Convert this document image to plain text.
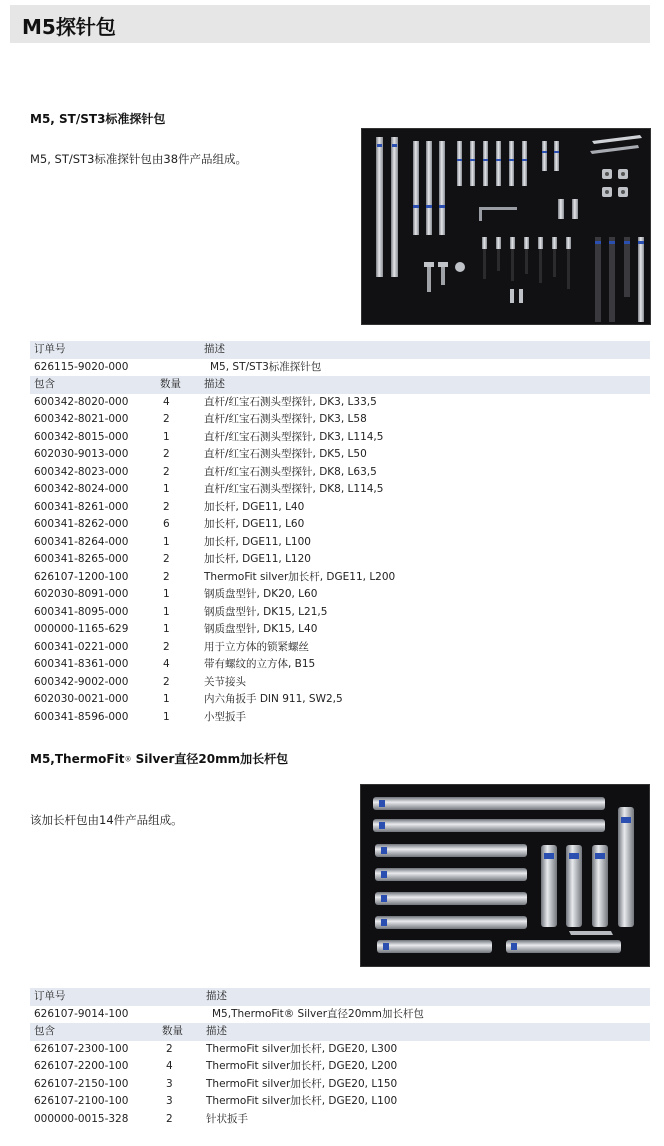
M5探针包
M5, ST/ST3标准探针包
M5, ST/ST3标准探针包由38件产品组成。
订单号	描述
626115-9020-000	M5, ST/ST3标准探针包
包含	数量 描述
600342-8020-000	4	直杆/红宝石测头型探针, DK3, L33,5
600342-8021-000	2	直杆/红宝石测头型探针, DK3, L58
600342-8015-000	1	直杆/红宝石测头型探针, DK3, L114,5
602030-9013-000	2	直杆/红宝石测头型探针, DK5, L50
600342-8023-000	2	直杆/红宝石测头型探针, DK8, L63,5
600342-8024-000	1	直杆/红宝石测头型探针, DK8, L114,5
600341-8261-000	2	加长杆, DGE11, L40
600341-8262-000	6	加长杆, DGE11, L60
600341-8264-000	1	加长杆, DGE11, L100
600341-8265-000	2	加长杆, DGE11, L120
626107-1200-100	2	ThermoFit silver加长杆, DGE11, L200
602030-8091-000	1	钢质盘型针, DK20, L60
600341-8095-000	1	钢质盘型针, DK15, L21,5
000000-1165-629	1	钢质盘型针, DK15, L40
600341-0221-000	2	用于立方体的锁紧螺丝
600341-8361-000	4	带有螺纹的立方体, B15
600342-9002-000	2	关节接头
602030-0021-000	1	内六角扳手 DIN 911, SW2,5
600341-8596-000	1	小型扳手
M5,ThermoFit® Silver直径20mm加长杆包
该加长杆包由14件产品组成。
订单号	描述
626107-9014-100	M5,ThermoFit® Silver直径20mm加长杆包
包含	数量 描述
626107-2300-100	2	ThermoFit silver加长杆, DGE20, L300
626107-2200-100	4	ThermoFit silver加长杆, DGE20, L200
626107-2150-100	3	ThermoFit silver加长杆, DGE20, L150
626107-2100-100	3	ThermoFit silver加长杆, DGE20, L100
000000-0015-328	2	针状扳手
